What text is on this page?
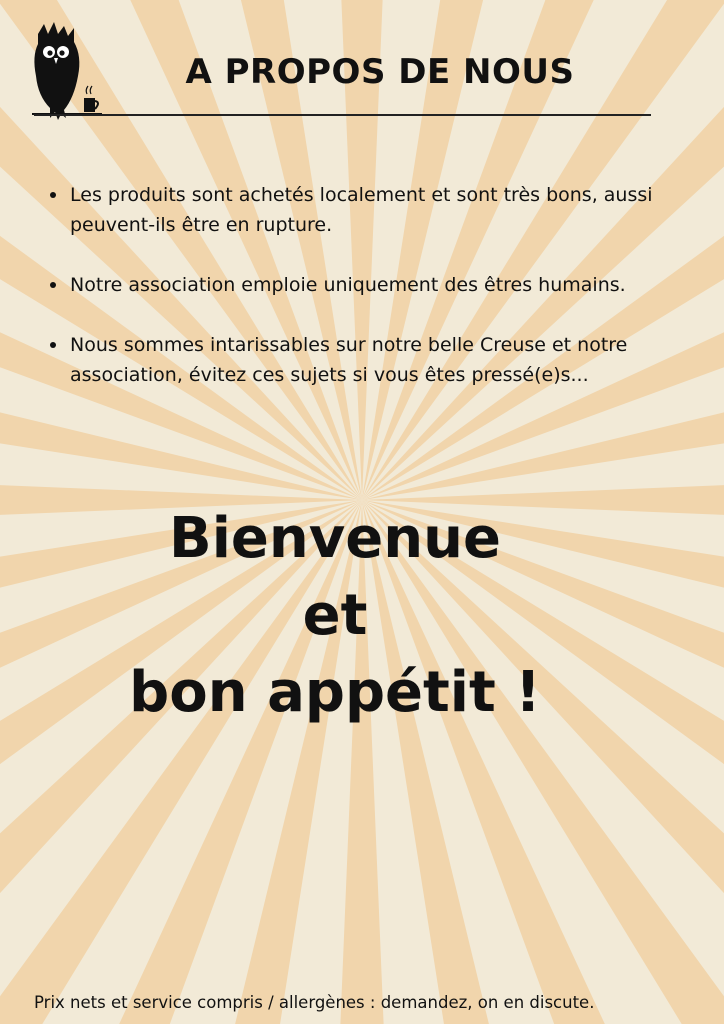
A PROPOS DE NOUS
Les produits sont achetés localement et sont très bons, aussi peuvent-ils être en rupture.
Notre association emploie uniquement des êtres humains.
Nous sommes intarissables sur notre belle Creuse et notre association, évitez ces sujets si vous êtes pressé(e)s...
Bienvenue
et
bon appétit !
Prix nets et service compris / allergènes : demandez, on en discute.
